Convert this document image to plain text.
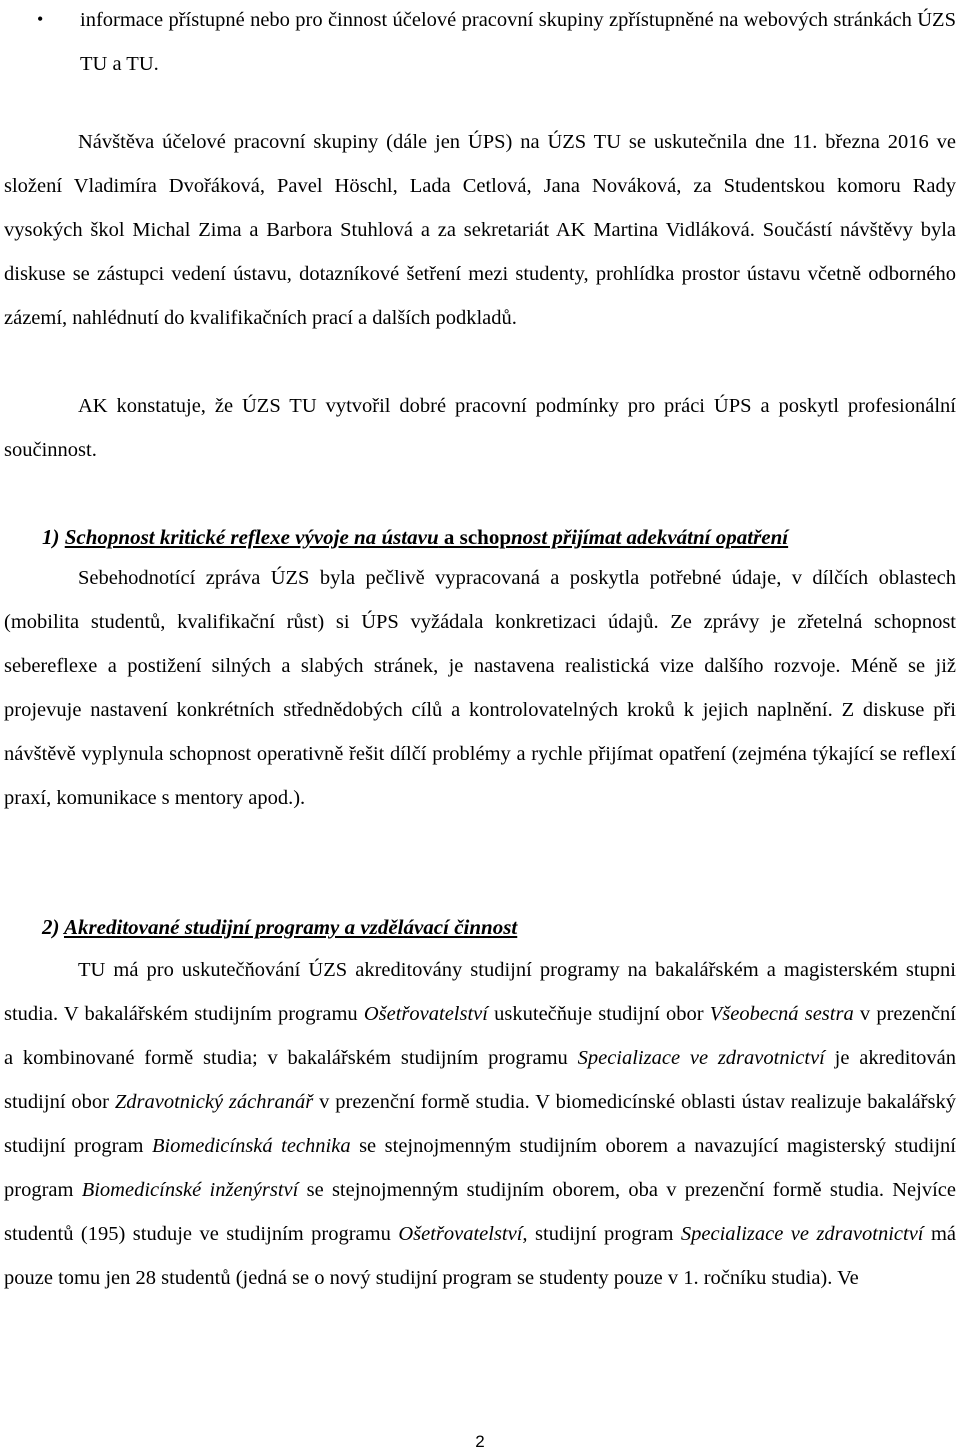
• informace přístupné nebo pro činnost účelové pracovní skupiny zpřístupněné na webových stránkách ÚZS TU a TU.

Návštěva účelové pracovní skupiny (dále jen ÚPS) na ÚZS TU se uskutečnila dne 11. března 2016 ve složení Vladimíra Dvořáková, Pavel Höschl, Lada Cetlová, Jana Nováková, za Studentskou komoru Rady vysokých škol Michal Zima a Barbora Stuhlová a za sekretariát AK Martina Vidláková. Součástí návštěvy byla diskuse se zástupci vedení ústavu, dotazníkové šetření mezi studenty, prohlídka prostor ústavu včetně odborného zázemí, nahlédnutí do kvalifikačních prací a dalších podkladů.

AK konstatuje, že ÚZS TU vytvořil dobré pracovní podmínky pro práci ÚPS a poskytl profesionální součinnost.

1) Schopnost kritické reflexe vývoje na ústavu a schopnost přijímat adekvátní opatření

Sebehodnotící zpráva ÚZS byla pečlivě vypracovaná a poskytla potřebné údaje, v dílčích oblastech (mobilita studentů, kvalifikační růst) si ÚPS vyžádala konkretizaci údajů. Ze zprávy je zřetelná schopnost sebereflexe a postižení silných a slabých stránek, je nastavena realistická vize dalšího rozvoje. Méně se již projevuje nastavení konkrétních střednědobých cílů a kontrolovatelných kroků k jejich naplnění. Z diskuse při návštěvě vyplynula schopnost operativně řešit dílčí problémy a rychle přijímat opatření (zejména týkající se reflexí praxí, komunikace s mentory apod.).

2) Akreditované studijní programy a vzdělávací činnost

TU má pro uskutečňování ÚZS akreditovány studijní programy na bakalářském a magisterském stupni studia. V bakalářském studijním programu Ošetřovatelství uskutečňuje studijní obor Všeobecná sestra v prezenční a kombinované formě studia; v bakalářském studijním programu Specializace ve zdravotnictví je akreditován studijní obor Zdravotnický záchranář v prezenční formě studia. V biomedicínské oblasti ústav realizuje bakalářský studijní program Biomedicínská technika se stejnojmenným studijním oborem a navazující magisterský studijní program Biomedicínské inženýrství se stejnojmenným studijním oborem, oba v prezenční formě studia. Nejvíce studentů (195) studuje ve studijním programu Ošetřovatelství, studijní program Specializace ve zdravotnictví má pouze tomu jen 28 studentů (jedná se o nový studijní program se studenty pouze v 1. ročníku studia). Ve

2
